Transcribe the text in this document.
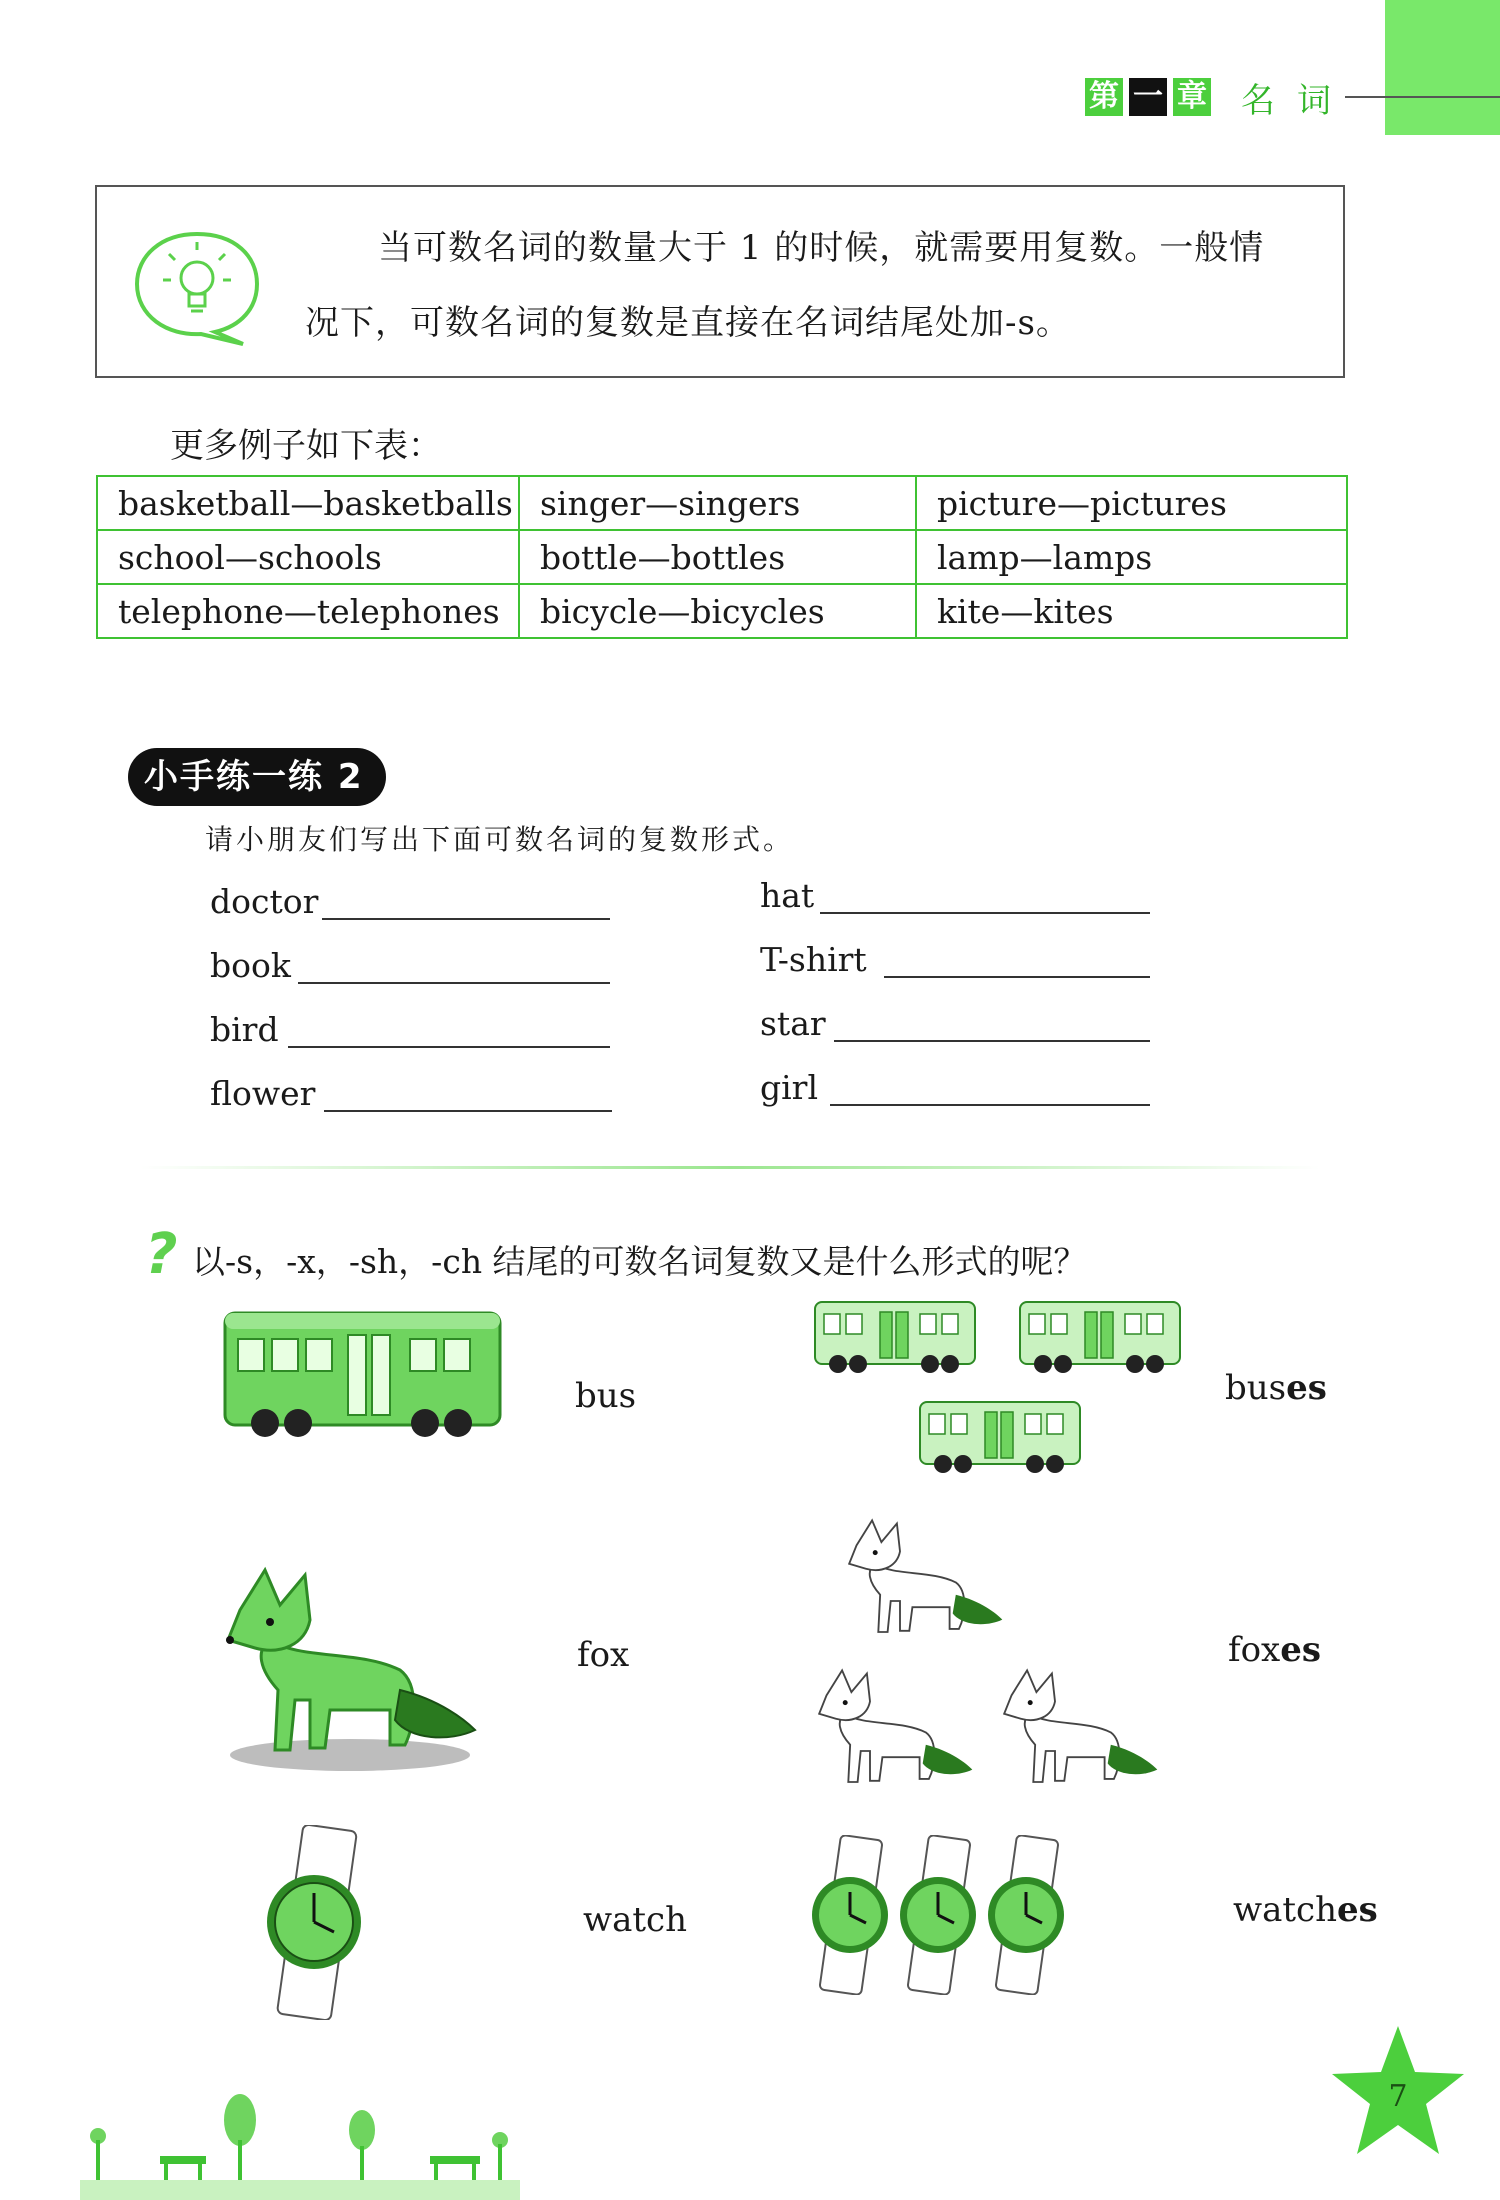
第 一 章 名词
当可数名词的数量大于 1 的时候，就需要用复数。一般情
况下，可数名词的复数是直接在名词结尾处加-s。
更多例子如下表：
basketball—basketballs	singer—singers	picture—pictures
school—schools	bottle—bottles	lamp—lamps
telephone—telephones	bicycle—bicycles	kite—kites
小手练一练 2
请小朋友们写出下面可数名词的复数形式。
doctor
book
bird
flower
hat
T-shirt
star
girl
? 以-s，-x，-sh，-ch 结尾的可数名词复数又是什么形式的呢？
bus	buses
fox	foxes
watch	watches
7
